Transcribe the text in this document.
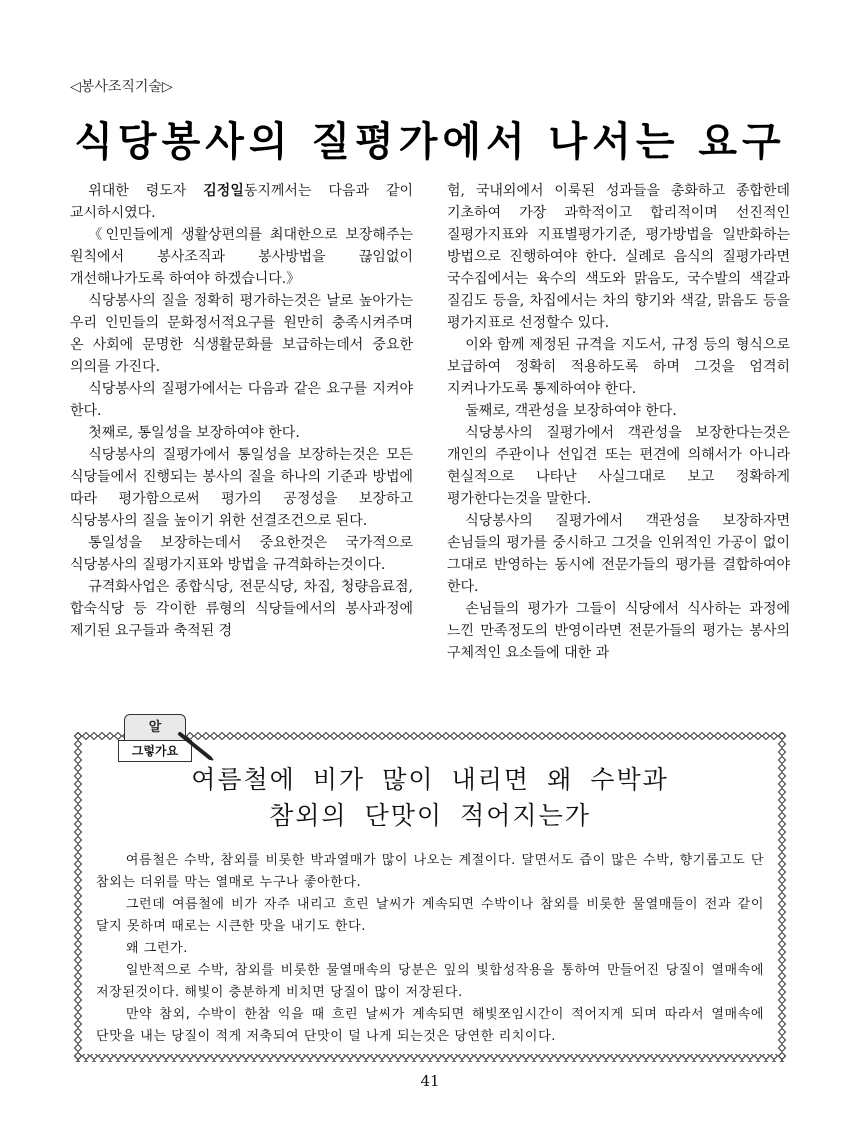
◁봉사조직기술▷
식당봉사의 질평가에서 나서는 요구

위대한 령도자 김정일동지께서는 다음과 같이 교시하시였다.

《인민들에게 생활상편의를 최대한으로 보장해주는 원칙에서 봉사조직과 봉사방법을 끊임없이 개선해나가도록 하여야 하겠습니다.》

식당봉사의 질을 정확히 평가하는것은 날로 높아가는 우리 인민들의 문화정서적요구를 원만히 충족시켜주며 온 사회에 문명한 식생활문화를 보급하는데서 중요한 의의를 가진다.

식당봉사의 질평가에서는 다음과 같은 요구를 지켜야 한다.

첫째로, 통일성을 보장하여야 한다.

식당봉사의 질평가에서 통일성을 보장하는것은 모든 식당들에서 진행되는 봉사의 질을 하나의 기준과 방법에 따라 평가함으로써 평가의 공정성을 보장하고 식당봉사의 질을 높이기 위한 선결조건으로 된다.

통일성을 보장하는데서 중요한것은 국가적으로 식당봉사의 질평가지표와 방법을 규격화하는것이다.

규격화사업은 종합식당, 전문식당, 차집, 청량음료점, 합숙식당 등 각이한 류형의 식당들에서의 봉사과정에 제기된 요구들과 축적된 경

험, 국내외에서 이룩된 성과들을 총화하고 종합한데 기초하여 가장 과학적이고 합리적이며 선진적인 질평가지표와 지표별평가기준, 평가방법을 일반화하는 방법으로 진행하여야 한다. 실례로 음식의 질평가라면 국수집에서는 육수의 색도와 맑음도, 국수발의 색갈과 질김도 등을, 차집에서는 차의 향기와 색갈, 맑음도 등을 평가지표로 선정할수 있다.

이와 함께 제정된 규격을 지도서, 규정 등의 형식으로 보급하여 정확히 적용하도록 하며 그것을 엄격히 지켜나가도록 통제하여야 한다.

둘째로, 객관성을 보장하여야 한다.

식당봉사의 질평가에서 객관성을 보장한다는것은 개인의 주관이나 선입견 또는 편견에 의해서가 아니라 현실적으로 나타난 사실그대로 보고 정확하게 평가한다는것을 말한다.

식당봉사의 질평가에서 객관성을 보장하자면 손님들의 평가를 중시하고 그것을 인위적인 가공이 없이 그대로 반영하는 동시에 전문가들의 평가를 결합하여야 한다.

손님들의 평가가 그들이 식당에서 식사하는 과정에 느낀 만족정도의 반영이라면 전문가들의 평가는 봉사의 구체적인 요소들에 대한 과

알
그렇가요
여름철에 비가 많이 내리면 왜 수박과
참외의 단맛이 적어지는가

여름철은 수박, 참외를 비롯한 박과열매가 많이 나오는 계절이다. 달면서도 즙이 많은 수박, 향기롭고도 단 참외는 더위를 막는 열매로 누구나 좋아한다.

그런데 여름철에 비가 자주 내리고 흐린 날씨가 계속되면 수박이나 참외를 비롯한 물열매들이 전과 같이 달지 못하며 때로는 시큰한 맛을 내기도 한다.

왜 그런가.

일반적으로 수박, 참외를 비롯한 물열매속의 당분은 잎의 빛합성작용을 통하여 만들어진 당질이 열매속에 저장된것이다. 해빛이 충분하게 비치면 당질이 많이 저장된다.

만약 참외, 수박이 한참 익을 때 흐린 날씨가 계속되면 해빛쪼임시간이 적어지게 되며 따라서 열매속에 단맛을 내는 당질이 적게 저축되여 단맛이 덜 나게 되는것은 당연한 리치이다.

41
